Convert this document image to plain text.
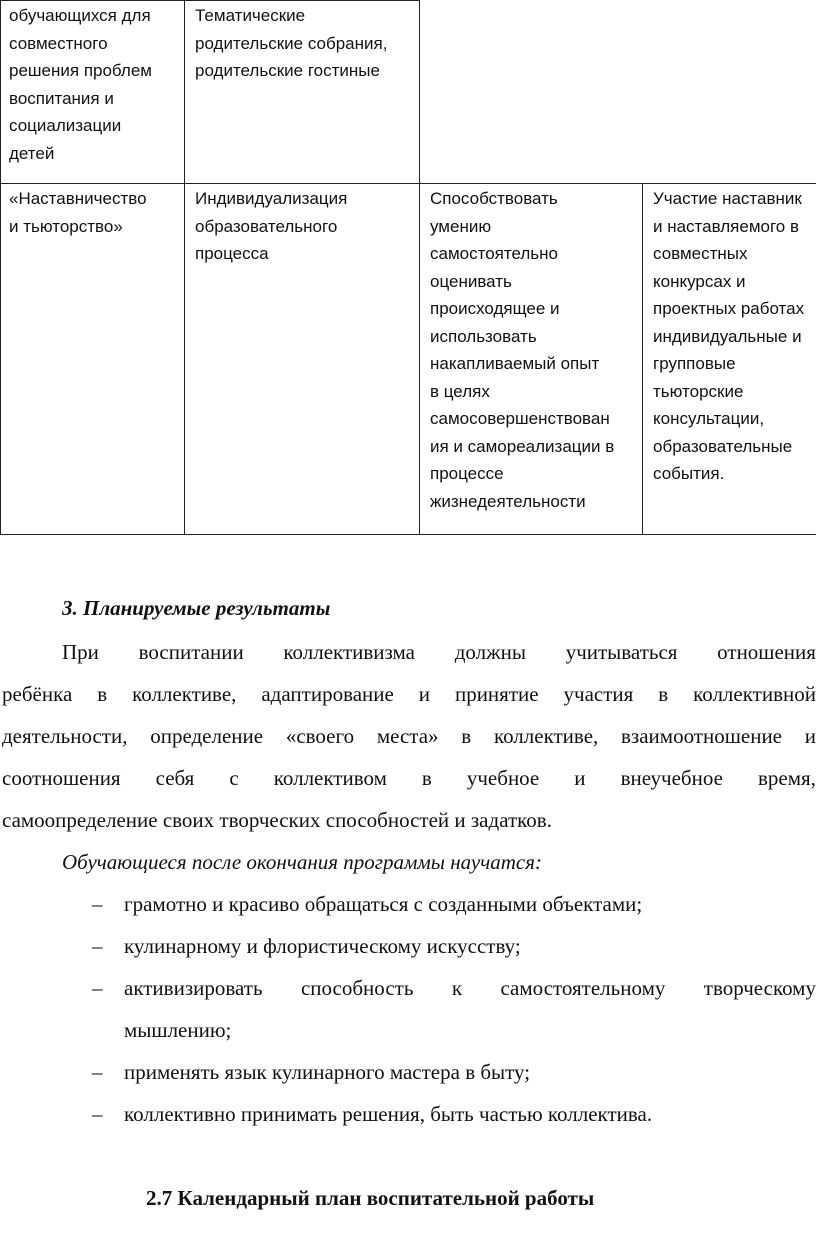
обучающихся для
совместного
решения проблем
воспитания и
социализации
детей
Тематические
родительские собрания,
родительские гостиные
«Наставничество
и тьюторство»
Индивидуализация
образовательного
процесса
Способствовать
умению
самостоятельно
оценивать
происходящее и
использовать
накапливаемый опыт
в целях
самосовершенствован
ия и самореализации в
процессе
жизнедеятельности
Участие наставник
и наставляемого в
совместных
конкурсах и
проектных работах
индивидуальные и
групповые
тьюторские
консультации,
образовательные
события.
3. Планируемые результаты
При воспитании коллективизма должны учитываться отношения
ребёнка в коллективе, адаптирование и принятие участия в коллективной
деятельности, определение «своего места» в коллективе, взаимоотношение и
соотношения себя с коллективом в учебное и внеучебное время,
самоопределение своих творческих способностей и задатков.
Обучающиеся после окончания программы научатся:
– грамотно и красиво обращаться с созданными объектами;
– кулинарному и флористическому искусству;
– активизировать способность к самостоятельному творческому
мышлению;
– применять язык кулинарного мастера в быту;
– коллективно принимать решения, быть частью коллектива.
2.7 Календарный план воспитательной работы
